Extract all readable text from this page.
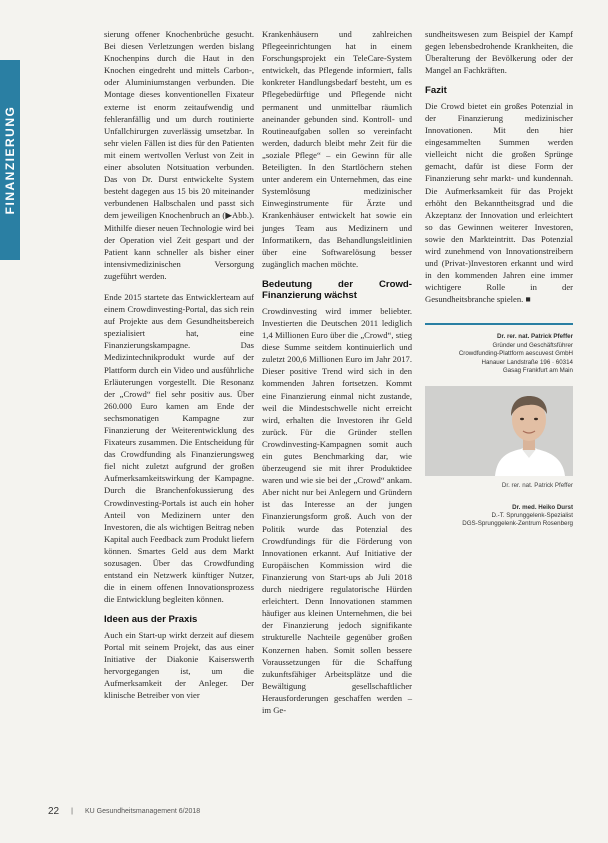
FINANZIERUNG

sierung offener Knochenbrüche gesucht. Bei diesen Verletzungen werden bislang Knochenpins durch die Haut in den Knochen eingedreht und mittels Carbon-, oder Aluminiumstangen verbunden. Die Montage dieses konventionellen Fixateur externe ist enorm zeitaufwendig und fehleranfällig und um durch routinierte Unfallchirurgen zuverlässig umsetzbar. In sehr vielen Fällen ist dies für den Patienten mit einem wertvollen Verlust von Zeit in einer absoluten Notsituation verbunden. Das von Dr. Durst entwickelte System besteht dagegen aus 15 bis 20 miteinander verbundenen Halbschalen und passt sich dem jeweiligen Knochenbruch an (▶Abb.). Mithilfe dieser neuen Technologie wird bei der Operation viel Zeit gespart und der Patient kann schneller als bisher einer intensivmedizinischen Versorgung zugeführt werden.

Ende 2015 startete das Entwicklerteam auf einem Crowdinvesting-Portal, das sich rein auf Projekte aus dem Gesundheitsbereich spezialisiert hat, eine Finanzierungskampagne. Das Medizintechnikprodukt wurde auf der Plattform durch ein Video und ausführliche Erläuterungen vorgestellt. Die Resonanz der „Crowd“ fiel sehr positiv aus. Über 260.000 Euro kamen am Ende der sechsmonatigen Kampagne zur Finanzierung der Weiterentwicklung des Fixateurs zusammen. Die Entscheidung für das Crowdfunding als Finanzierungsweg fiel nicht zuletzt aufgrund der großen Aufmerksamkeitswirkung der Kampagne. Durch die Branchenfokussierung des Crowdinvesting-Portals ist auch ein hoher Anteil von Medizinern unter den Investoren, die als wichtigen Beitrag neben Kapital auch Feedback zum Produkt liefern können. Smartes Geld aus dem Markt sozusagen. Über das Crowdfunding entstand ein Netzwerk künftiger Nutzer, die in einem offenen Innovationsprozess die Entwicklung begleiten können.

Ideen aus der Praxis

Auch ein Start-up wirkt derzeit auf diesem Portal mit seinem Projekt, das aus einer Initiative der Diakonie Kaiserswerth hervorgegangen ist, um die Aufmerksamkeit der Anleger. Der klinische Betreiber von vier

Krankenhäusern und zahlreichen Pflegeeinrichtungen hat in einem Forschungsprojekt ein TeleCare-System entwickelt, das Pflegende informiert, falls konkreter Handlungsbedarf besteht, um es Pflegebedürftige und Pflegende nicht permanent und unmittelbar räumlich aneinander gebunden sind. Kontroll- und Routineaufgaben sollen so vereinfacht werden, dadurch bleibt mehr Zeit für die „soziale Pflege“ – ein Gewinn für alle Beteiligten. In den Startlöchern stehen unter anderem ein Unternehmen, das eine Systemlösung medizinischer Einweginstrumente für Ärzte und Krankenhäuser entwickelt hat sowie ein junges Team aus Medizinern und Informatikern, das Behandlungsleitlinien über eine Softwarelösung besser zugänglich machen möchte.

Bedeutung der Crowd-Finanzierung wächst

Crowdinvesting wird immer beliebter. Investierten die Deutschen 2011 lediglich 1,4 Millionen Euro über die „Crowd“, stieg diese Summe seitdem kontinuierlich und zuletzt 200,6 Millionen Euro im Jahr 2017. Dieser positive Trend wird sich in den kommenden Jahren fortsetzen. Kommt eine Finanzierung einmal nicht zustande, weil die Mindestschwelle nicht erreicht wird, erhalten die Investoren ihr Geld zurück. Für die Gründer stellen Crowdinvesting-Kampagnen somit auch ein gutes Benchmarking dar, wie überzeugend sie mit ihrer Produktidee waren und wie sie bei der „Crowd“ ankam. Aber nicht nur bei Anlegern und Gründern ist das Interesse an der jungen Finanzierungsform groß. Auch von der Politik wurde das Potenzial des Crowdfundings für die Förderung von Innovationen erkannt. Auf Initiative der Europäischen Kommission wird die Finanzierung von Start-ups ab Juli 2018 durch niedrigere regulatorische Hürden erleichtert. Denn Innovationen stammen häufiger aus kleinen Unternehmen, die bei der Finanzierung jedoch signifikante strukturelle Nachteile gegenüber großen Konzernen haben. Somit sollen bessere Voraussetzungen für die Schaffung zukunftsfähiger Arbeitsplätze und die Bewältigung gesellschaftlicher Herausforderungen geschaffen werden – im Ge-

sundheitswesen zum Beispiel der Kampf gegen lebensbedrohende Krankheiten, die Überalterung der Bevölkerung oder der Mangel an Fachkräften.

Fazit

Die Crowd bietet ein großes Potenzial in der Finanzierung medizinischer Innovationen. Mit den hier eingesammelten Summen werden vielleicht nicht die großen Sprünge gemacht, dafür ist diese Form der Finanzierung sehr markt- und kundennah. Die Aufmerksamkeit für das Projekt erhöht den Bekanntheitsgrad und die Akzeptanz der Innovation und erleichtert so das Gewinnen weiterer Investoren, sowie den Markteintritt. Das Potenzial wird zunehmend von Innovationstreibern und (Privat-)Investoren erkannt und wird in den kommenden Jahren eine immer wichtigere Rolle in der Gesundheitsbranche spielen. ■

Dr. rer. nat. Patrick Pfeffer
Gründer und Geschäftsführer
Crowdfunding-Plattform aescuvest GmbH
Hanauer Landstraße 196 · 60314
Gasag Frankfurt am Main
Dr. rer. nat. Patrick Pfeffer
Dr. med. Heiko Durst
D.-T. Sprunggelenk-Spezialist
DGS-Sprunggelenk-Zentrum Rosenberg
22 | KU Gesundheitsmanagement 6/2018
